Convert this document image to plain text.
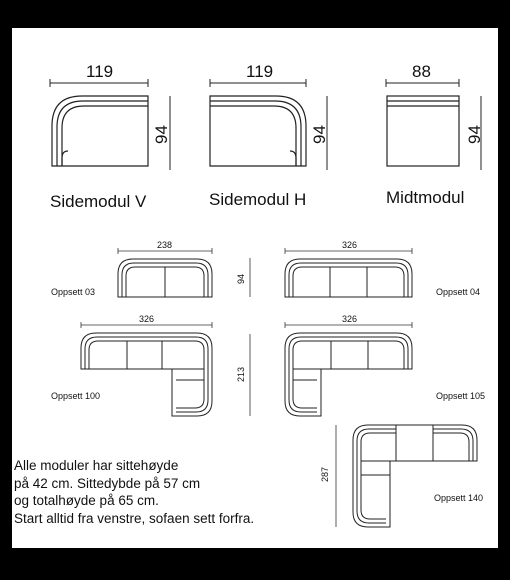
119
94
Sidemodul V
119
94
Sidemodul H
88
94
Midtmodul
238
94
Oppsett 03
326
Oppsett 04
326
213
Oppsett 100
326
Oppsett 105
287
Oppsett 140
Alle moduler har sittehøyde
på 42 cm. Sittedybde på 57 cm
og totalhøyde på 65 cm.
Start alltid fra venstre, sofaen sett forfra.
